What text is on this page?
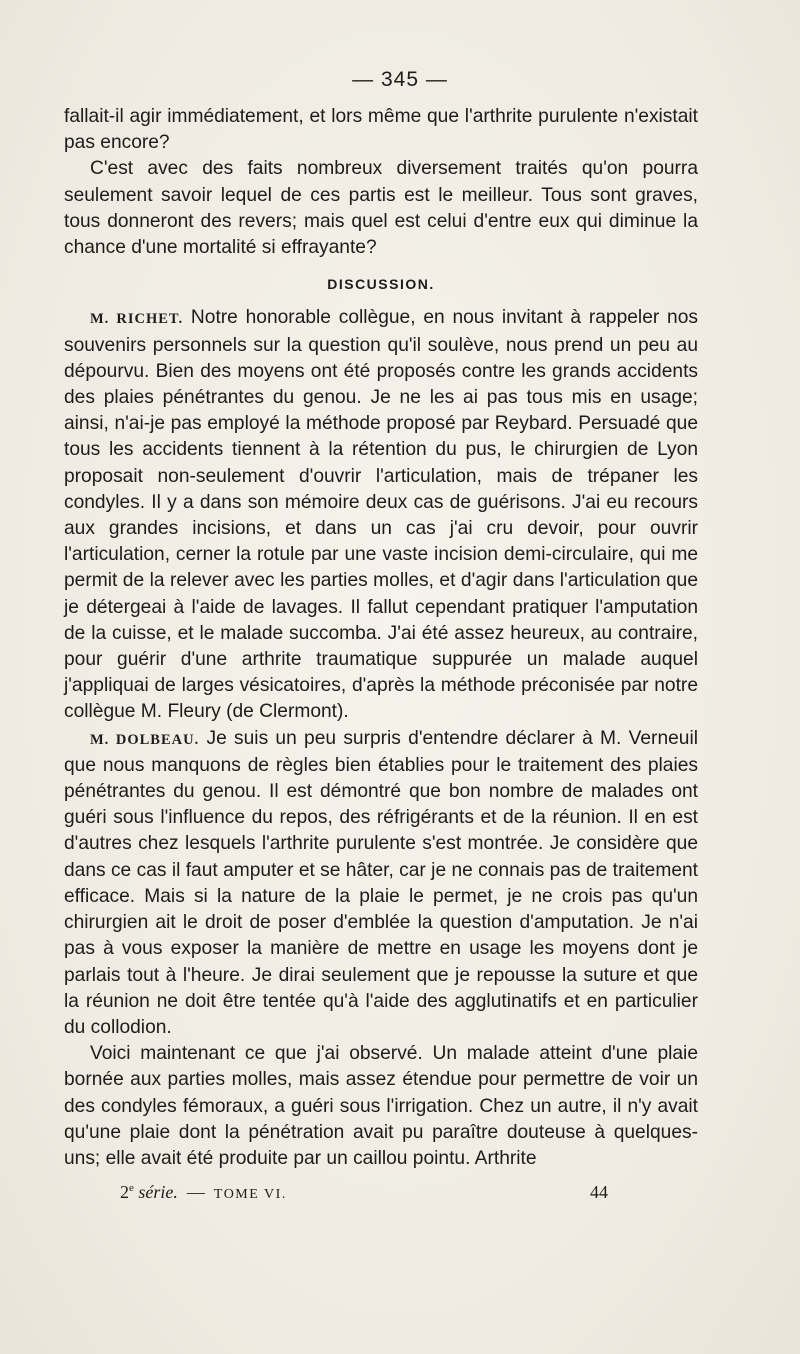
— 345 —

fallait-il agir immédiatement, et lors même que l'arthrite purulente n'existait pas encore?

C'est avec des faits nombreux diversement traités qu'on pourra seulement savoir lequel de ces partis est le meilleur. Tous sont graves, tous donneront des revers; mais quel est celui d'entre eux qui diminue la chance d'une mortalité si effrayante?

DISCUSSION.

M. RICHET. Notre honorable collègue, en nous invitant à rappeler nos souvenirs personnels sur la question qu'il soulève, nous prend un peu au dépourvu. Bien des moyens ont été proposés contre les grands accidents des plaies pénétrantes du genou. Je ne les ai pas tous mis en usage; ainsi, n'ai-je pas employé la méthode proposé par Reybard. Persuadé que tous les accidents tiennent à la rétention du pus, le chirurgien de Lyon proposait non-seulement d'ouvrir l'articulation, mais de trépaner les condyles. Il y a dans son mémoire deux cas de guérisons. J'ai eu recours aux grandes incisions, et dans un cas j'ai cru devoir, pour ouvrir l'articulation, cerner la rotule par une vaste incision demi-circulaire, qui me permit de la relever avec les parties molles, et d'agir dans l'articulation que je détergeai à l'aide de lavages. Il fallut cependant pratiquer l'amputation de la cuisse, et le malade succomba. J'ai été assez heureux, au contraire, pour guérir d'une arthrite traumatique suppurée un malade auquel j'appliquai de larges vésicatoires, d'après la méthode préconisée par notre collègue M. Fleury (de Clermont).

M. DOLBEAU. Je suis un peu surpris d'entendre déclarer à M. Verneuil que nous manquons de règles bien établies pour le traitement des plaies pénétrantes du genou. Il est démontré que bon nombre de malades ont guéri sous l'influence du repos, des réfrigérants et de la réunion. Il en est d'autres chez lesquels l'arthrite purulente s'est montrée. Je considère que dans ce cas il faut amputer et se hâter, car je ne connais pas de traitement efficace. Mais si la nature de la plaie le permet, je ne crois pas qu'un chirurgien ait le droit de poser d'emblée la question d'amputation. Je n'ai pas à vous exposer la manière de mettre en usage les moyens dont je parlais tout à l'heure. Je dirai seulement que je repousse la suture et que la réunion ne doit être tentée qu'à l'aide des agglutinatifs et en particulier du collodion.

Voici maintenant ce que j'ai observé. Un malade atteint d'une plaie bornée aux parties molles, mais assez étendue pour permettre de voir un des condyles fémoraux, a guéri sous l'irrigation. Chez un autre, il n'y avait qu'une plaie dont la pénétration avait pu paraître douteuse à quelques-uns; elle avait été produite par un caillou pointu. Arthrite

2e série. — TOME VI.	44
